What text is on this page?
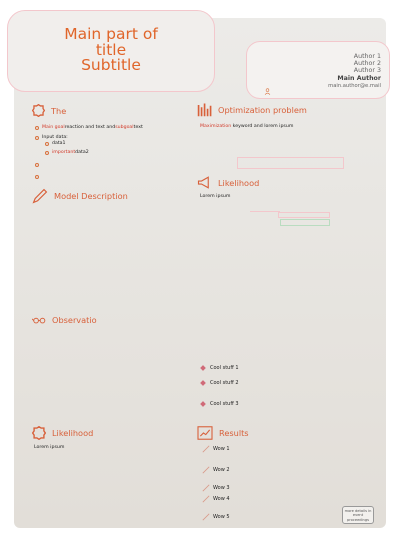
Main part of
title
Subtitle	Author 1
Author 2
Author 3
Main Author
main.author@e.mail
The
Main goal reaction and text and subgoal text
Input data:
data1
important data2
Model Description
Observatio
Likelihood
Lorem ipsum
Optimization problem
Maximization keyword and lorem ipsum
Likelihood
Lorem ipsum
Cool stuff 1
Cool stuff 2
Cool stuff 3
Results
Wow 1
Wow 2
Wow 3
Wow 4
Wow 5
more details in
event
proceedings
